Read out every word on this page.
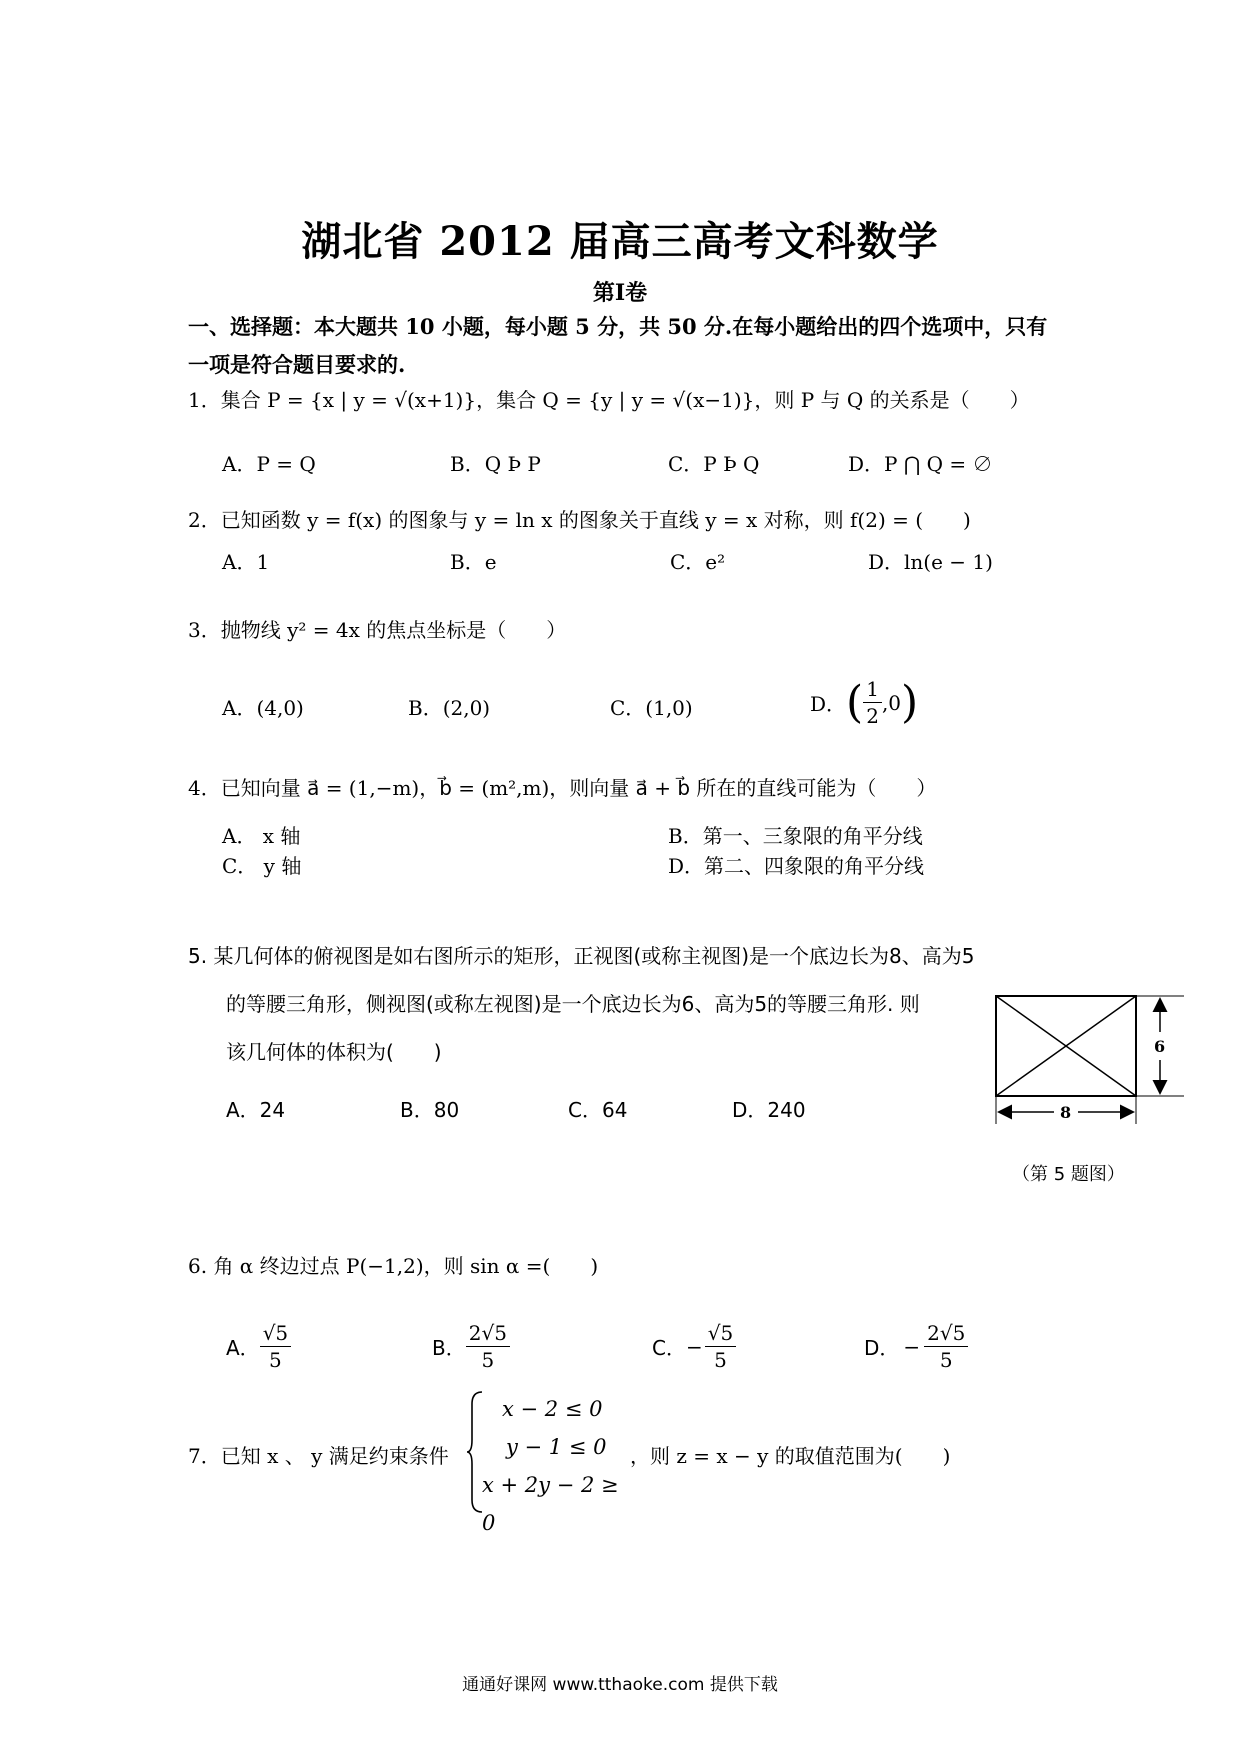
湖北省 2012 届高三高考文科数学
第Ⅰ卷
一、选择题：本大题共 10 小题，每小题 5 分，共 50 分.在每小题给出的四个选项中，只有
一项是符合题目要求的.
1．集合 P = {x | y = √(x+1)}，集合 Q = {y | y = √(x−1)}，则 P 与 Q 的关系是（　　）
A．P = Q	B．Q Þ P	C．P Þ Q	D．P ⋂ Q = ∅
2．已知函数 y = f(x) 的图象与 y = ln x 的图象关于直线 y = x 对称，则 f(2) = (　　)
A．1	B．e	C．e²	D．ln(e − 1)
3．抛物线 y² = 4x 的焦点坐标是（　　）
A．(4,0)	B．(2,0)	C．(1,0)	D． ( $\frac{1}{2} ,0$ )
4．已知向量 a⃗ = (1,−m)，b⃗ = (m²,m)，则向量 a⃗ + b⃗ 所在的直线可能为（　　）
A． x 轴	B．第一、三象限的角平分线
C． y 轴	D．第二、四象限的角平分线
5. 某几何体的俯视图是如右图所示的矩形，正视图(或称主视图)是一个底边长为8、高为5
的等腰三角形，侧视图(或称左视图)是一个底边长为6、高为5的等腰三角形. 则
该几何体的体积为(　　)
A．24	B．80	C．64	D．240
6
8
（第 5 题图）
6. 角 α 终边过点 P(−1,2)，则 sin α =(　　)
A． $\frac{√5}{5}$	B． $\frac{2√5}{5}$	C． − $\frac{√5}{5}$	D． − $\frac{2√5}{5}$
7．已知 x 、 y 满足约束条件
x − 2 ≤ 0
y − 1 ≤ 0
x + 2y − 2 ≥ 0
，则 z = x − y 的取值范围为(　　)
通通好课网 www.tthaoke.com 提供下载
